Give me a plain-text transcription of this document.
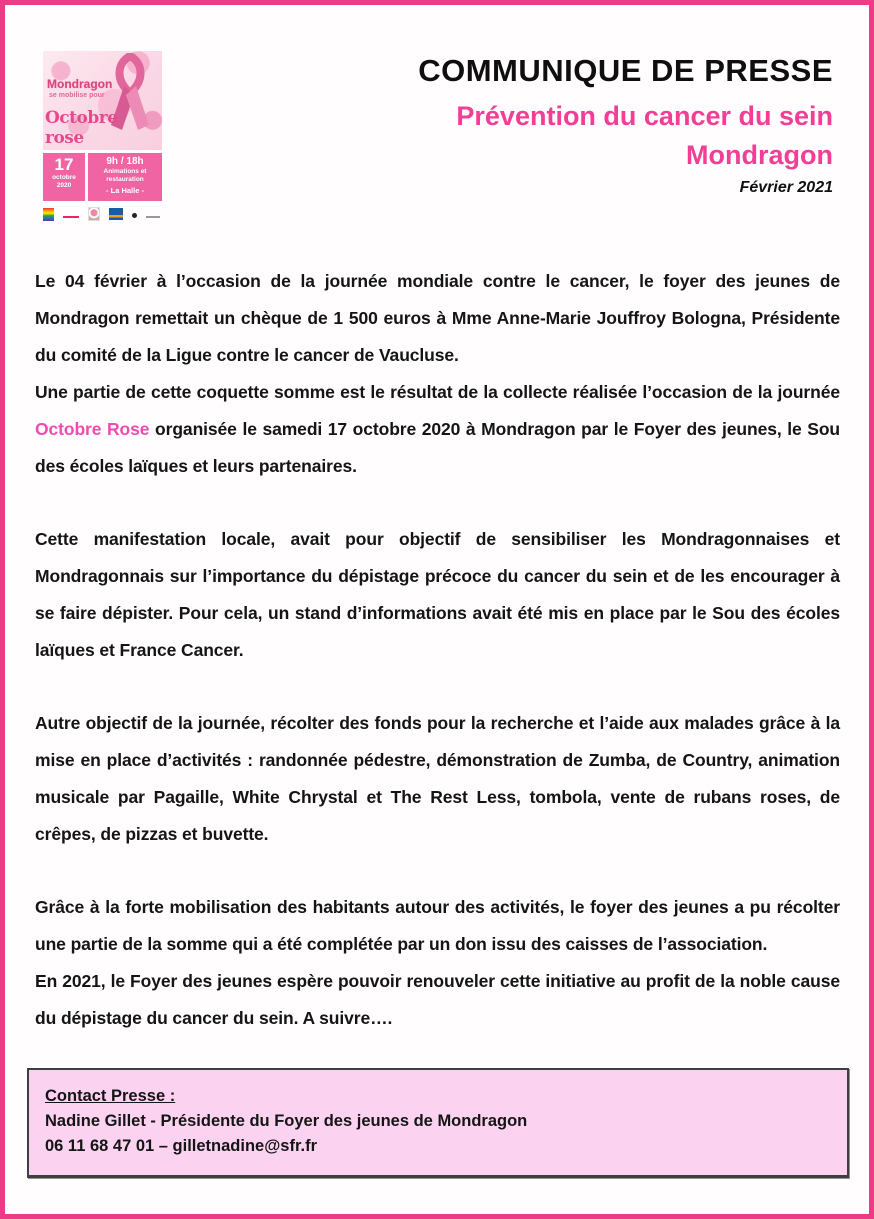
Mondragon
se mobilise pour
Octobre rose
17
octobre
2020
9h / 18h
Animations et
restauration
- La Halle -
COMMUNIQUE DE PRESSE
Prévention du cancer du sein
Mondragon
Février 2021

Le 04 février à l’occasion de la journée mondiale contre le cancer, le foyer des jeunes de Mondragon remettait un chèque de 1 500 euros à Mme Anne-Marie Jouffroy Bologna, Présidente du comité de la Ligue contre le cancer de Vaucluse.

Une partie de cette coquette somme est le résultat de la collecte réalisée l’occasion de la journée Octobre Rose organisée le samedi 17 octobre 2020 à Mondragon par le Foyer des jeunes, le Sou des écoles laïques et leurs partenaires.

Cette manifestation locale, avait pour objectif de sensibiliser les Mondragonnaises et Mondragonnais sur l’importance du dépistage précoce du cancer du sein et de les encourager à se faire dépister. Pour cela, un stand d’informations avait été mis en place par le Sou des écoles laïques et France Cancer.

Autre objectif de la journée, récolter des fonds pour la recherche et l’aide aux malades grâce à la mise en place d’activités : randonnée pédestre, démonstration de Zumba, de Country, animation musicale par Pagaille, White Chrystal et The Rest Less, tombola, vente de rubans roses, de crêpes, de pizzas et buvette.

Grâce à la forte mobilisation des habitants autour des activités, le foyer des jeunes a pu récolter une partie de la somme qui a été complétée par un don issu des caisses de l’association.

En 2021, le Foyer des jeunes espère pouvoir renouveler cette initiative au profit de la noble cause du dépistage du cancer du sein. A suivre….

Contact Presse :
Nadine Gillet - Présidente du Foyer des jeunes de Mondragon
06 11 68 47 01 – gilletnadine@sfr.fr
